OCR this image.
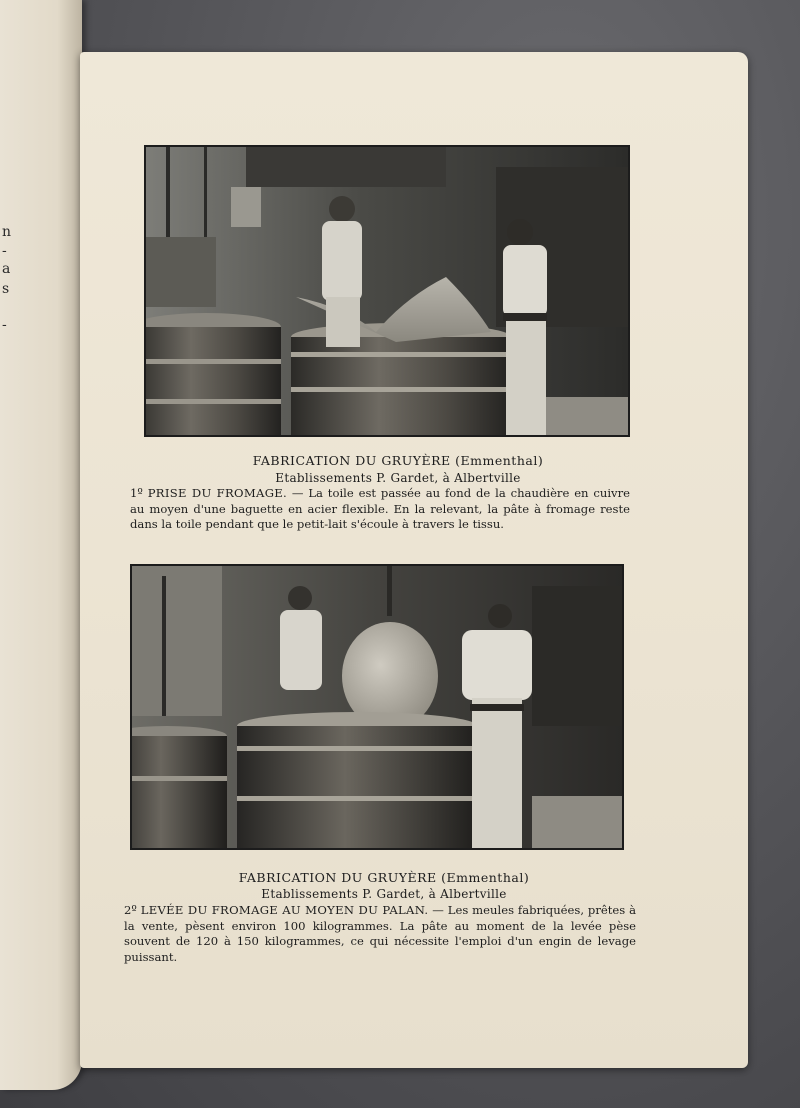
n
-
a
s
-
FABRICATION DU GRUYÈRE (Emmenthal)
Etablissements P. Gardet, à Albertville
1º PRISE DU FROMAGE. — La toile est passée au fond de la chaudière en cuivre au moyen d'une baguette en acier flexible. En la relevant, la pâte à fromage reste dans la toile pendant que le petit-lait s'écoule à travers le tissu.
FABRICATION DU GRUYÈRE (Emmenthal)
Etablissements P. Gardet, à Albertville
2º LEVÉE DU FROMAGE AU MOYEN DU PALAN. — Les meules fabriquées, prêtes à la vente, pèsent environ 100 kilogrammes. La pâte au moment de la levée pèse souvent de 120 à 150 kilogrammes, ce qui nécessite l'emploi d'un engin de levage puissant.
